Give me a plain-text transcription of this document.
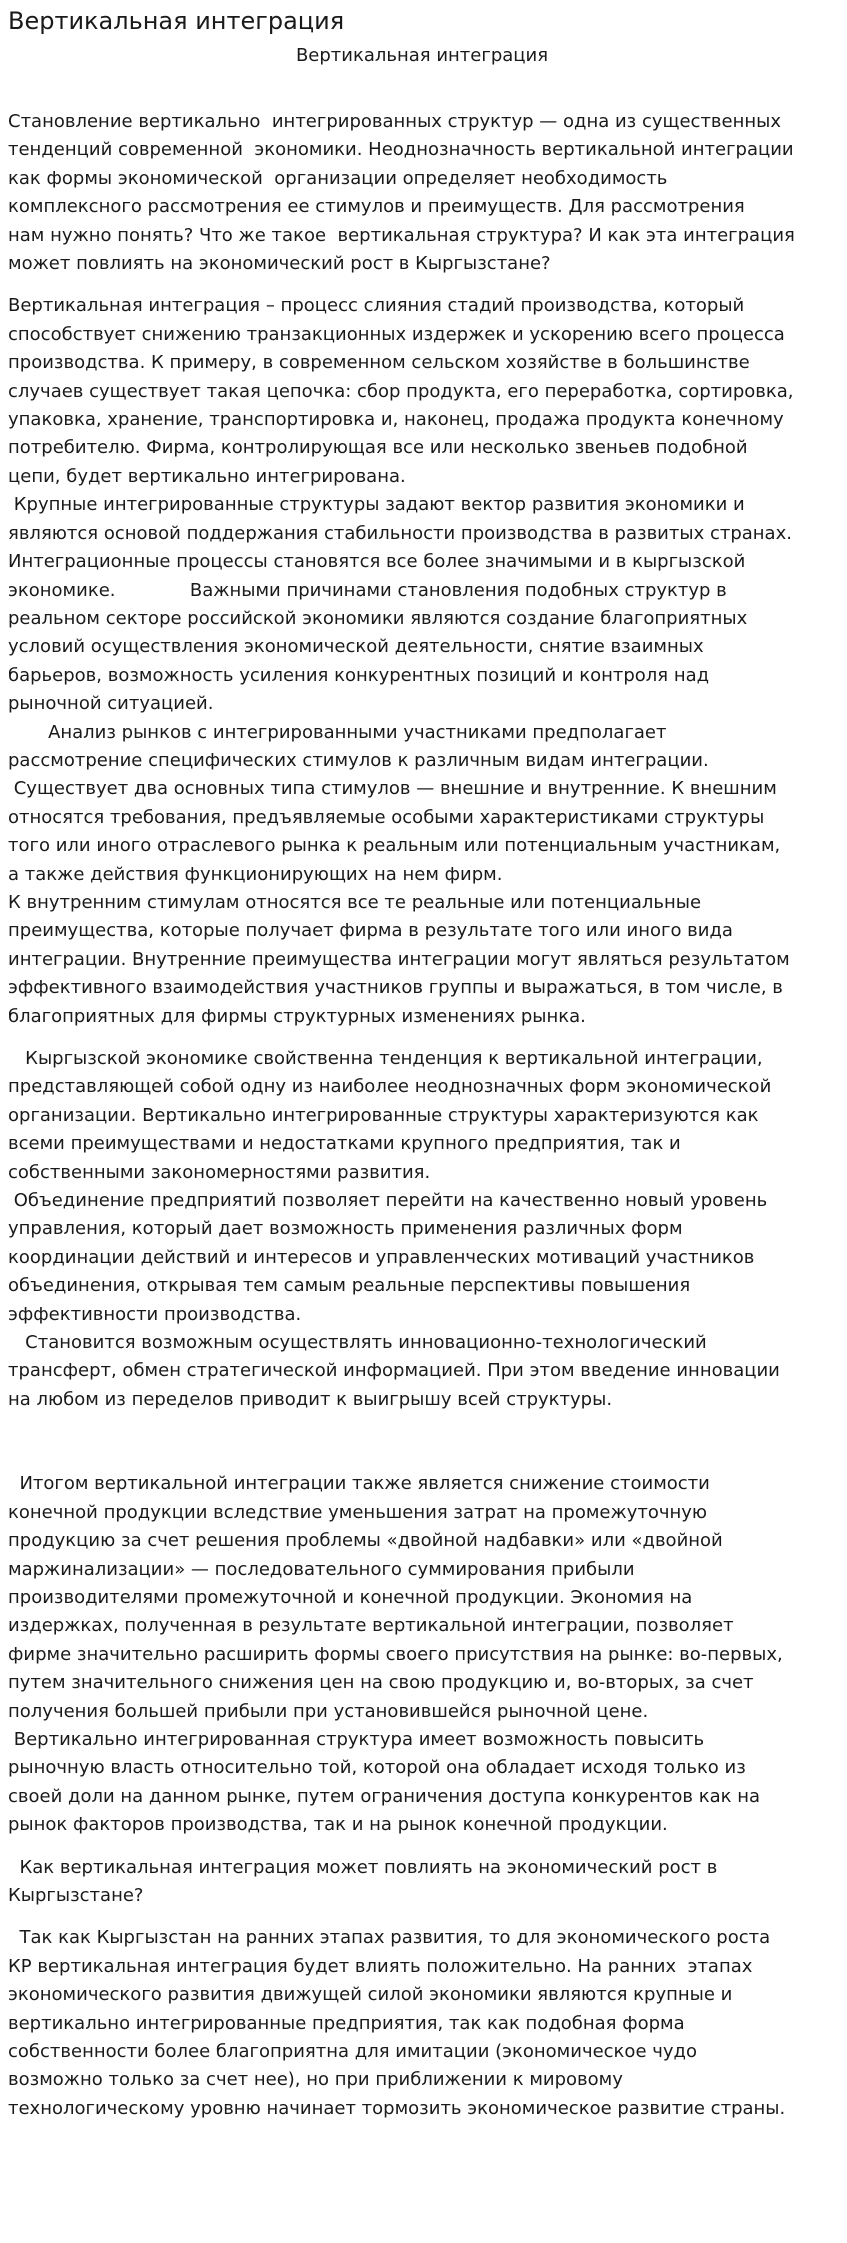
Вертикальная интеграция
Вертикальная интеграция

Становление вертикально  интегрированных структур — одна из существенных
тенденций современной  экономики. Неоднозначность вертикальной интеграции
как формы экономической  организации определяет необходимость
комплексного рассмотрения ее стимулов и преимуществ. Для рассмотрения
нам нужно понять? Что же такое  вертикальная структура? И как эта интеграция
может повлиять на экономический рост в Кыргызстане?

Вертикальная интеграция – процесс слияния стадий производства, который
способствует снижению транзакционных издержек и ускорению всего процесса
производства. К примеру, в современном сельском хозяйстве в большинстве
случаев существует такая цепочка: сбор продукта, его переработка, сортировка,
упаковка, хранение, транспортировка и, наконец, продажа продукта конечному
потребителю. Фирма, контролирующая все или несколько звеньев подобной
цепи, будет вертикально интегрирована.
Крупные интегрированные структуры задают вектор развития экономики и
являются основой поддержания стабильности производства в развитых странах.
Интеграционные процессы становятся все более значимыми и в кыргызской
экономике.             Важными причинами становления подобных структур в
реальном секторе российской экономики являются создание благоприятных
условий осуществления экономической деятельности, снятие взаимных
барьеров, возможность усиления конкурентных позиций и контроля над
рыночной ситуацией.
Анализ рынков с интегрированными участниками предполагает
рассмотрение специфических стимулов к различным видам интеграции.
Существует два основных типа стимулов — внешние и внутренние. К внешним
относятся требования, предъявляемые особыми характеристиками структуры
того или иного отраслевого рынка к реальным или потенциальным участникам,
а также действия функционирующих на нем фирм.
К внутренним стимулам относятся все те реальные или потенциальные
преимущества, которые получает фирма в результате того или иного вида
интеграции. Внутренние преимущества интеграции могут являться результатом
эффективного взаимодействия участников группы и выражаться, в том числе, в
благоприятных для фирмы структурных изменениях рынка.

Кыргызской экономике свойственна тенденция к вертикальной интеграции,
представляющей собой одну из наиболее неоднозначных форм экономической
организации. Вертикально интегрированные структуры характеризуются как
всеми преимуществами и недостатками крупного предприятия, так и
собственными закономерностями развития.
Объединение предприятий позволяет перейти на качественно новый уровень
управления, который дает возможность применения различных форм
координации действий и интересов и управленческих мотиваций участников
объединения, открывая тем самым реальные перспективы повышения
эффективности производства.
Становится возможным осуществлять инновационно-технологический
трансферт, обмен стратегической информацией. При этом введение инновации
на любом из переделов приводит к выигрышу всей структуры.

Итогом вертикальной интеграции также является снижение стоимости
конечной продукции вследствие уменьшения затрат на промежуточную
продукцию за счет решения проблемы «двойной надбавки» или «двойной
маржинализации» — последовательного суммирования прибыли
производителями промежуточной и конечной продукции. Экономия на
издержках, полученная в результате вертикальной интеграции, позволяет
фирме значительно расширить формы своего присутствия на рынке: во-первых,
путем значительного снижения цен на свою продукцию и, во-вторых, за счет
получения большей прибыли при установившейся рыночной цене.
Вертикально интегрированная структура имеет возможность повысить
рыночную власть относительно той, которой она обладает исходя только из
своей доли на данном рынке, путем ограничения доступа конкурентов как на
рынок факторов производства, так и на рынок конечной продукции.

Как вертикальная интеграция может повлиять на экономический рост в
Кыргызстане?

Так как Кыргызстан на ранних этапах развития, то для экономического роста
КР вертикальная интеграция будет влиять положительно. На ранних  этапах
экономического развития движущей силой экономики являются крупные и
вертикально интегрированные предприятия, так как подобная форма
собственности более благоприятна для имитации (экономическое чудо
возможно только за счет нее), но при приближении к мировому
технологическому уровню начинает тормозить экономическое развитие страны.
